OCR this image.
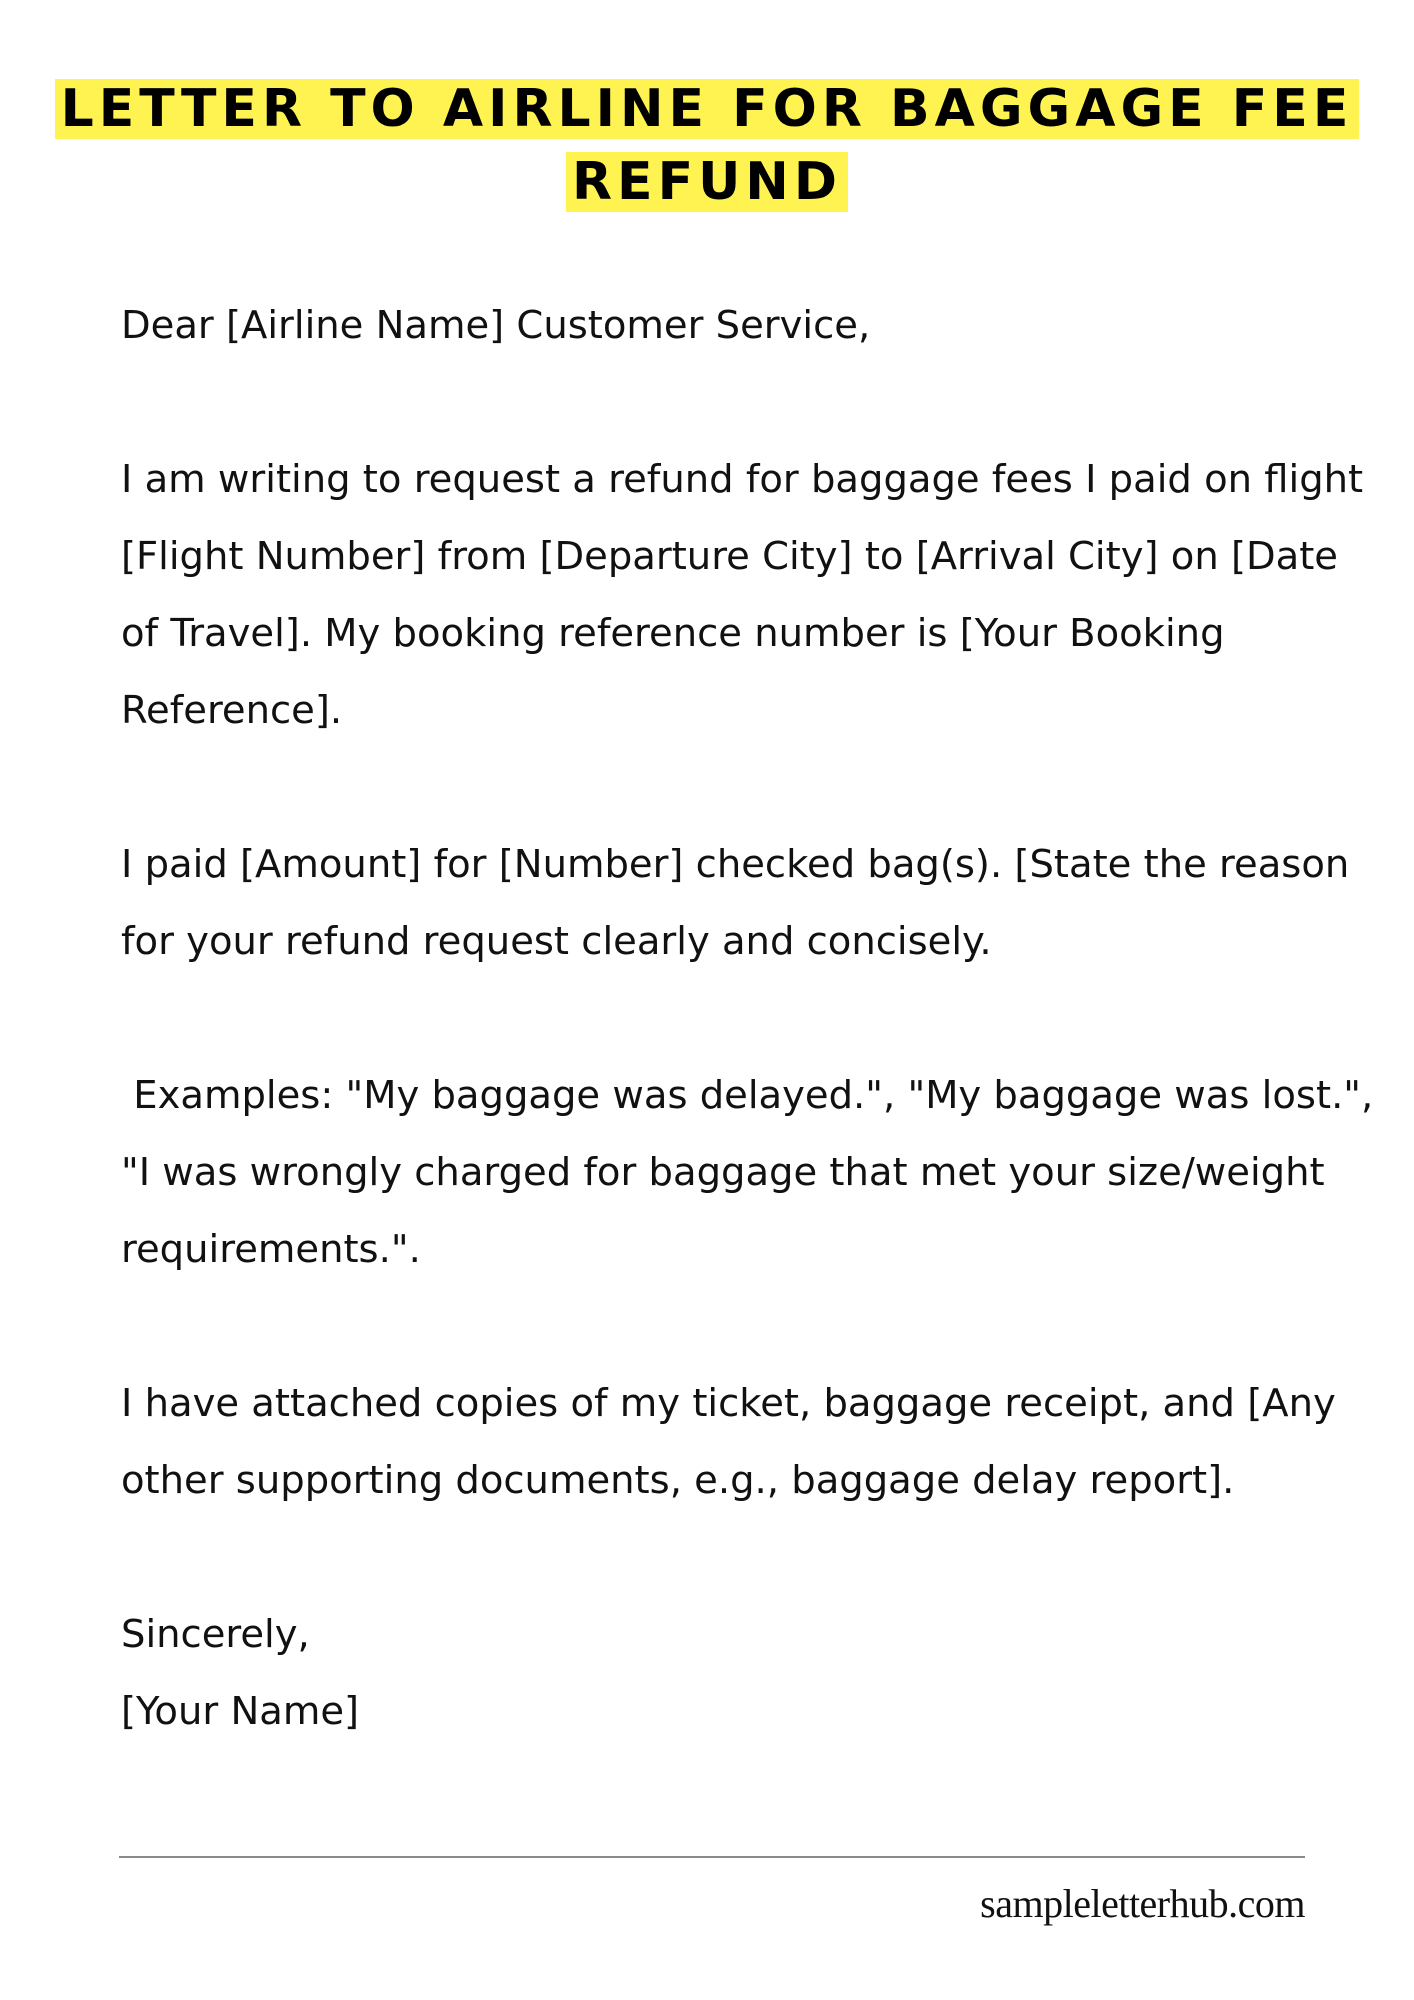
LETTER TO AIRLINE FOR BAGGAGE FEE
REFUND

Dear [Airline Name] Customer Service,

I am writing to request a refund for baggage fees I paid on flight [Flight Number] from [Departure City] to [Arrival City] on [Date of Travel]. My booking reference number is [Your Booking Reference].

I paid [Amount] for [Number] checked bag(s). [State the reason for your refund request clearly and concisely.

Examples: "My baggage was delayed.", "My baggage was lost.", "I was wrongly charged for baggage that met your size/weight requirements.".

I have attached copies of my ticket, baggage receipt, and [Any other supporting documents, e.g., baggage delay report].

Sincerely,

[Your Name]

sampleletterhub.com
